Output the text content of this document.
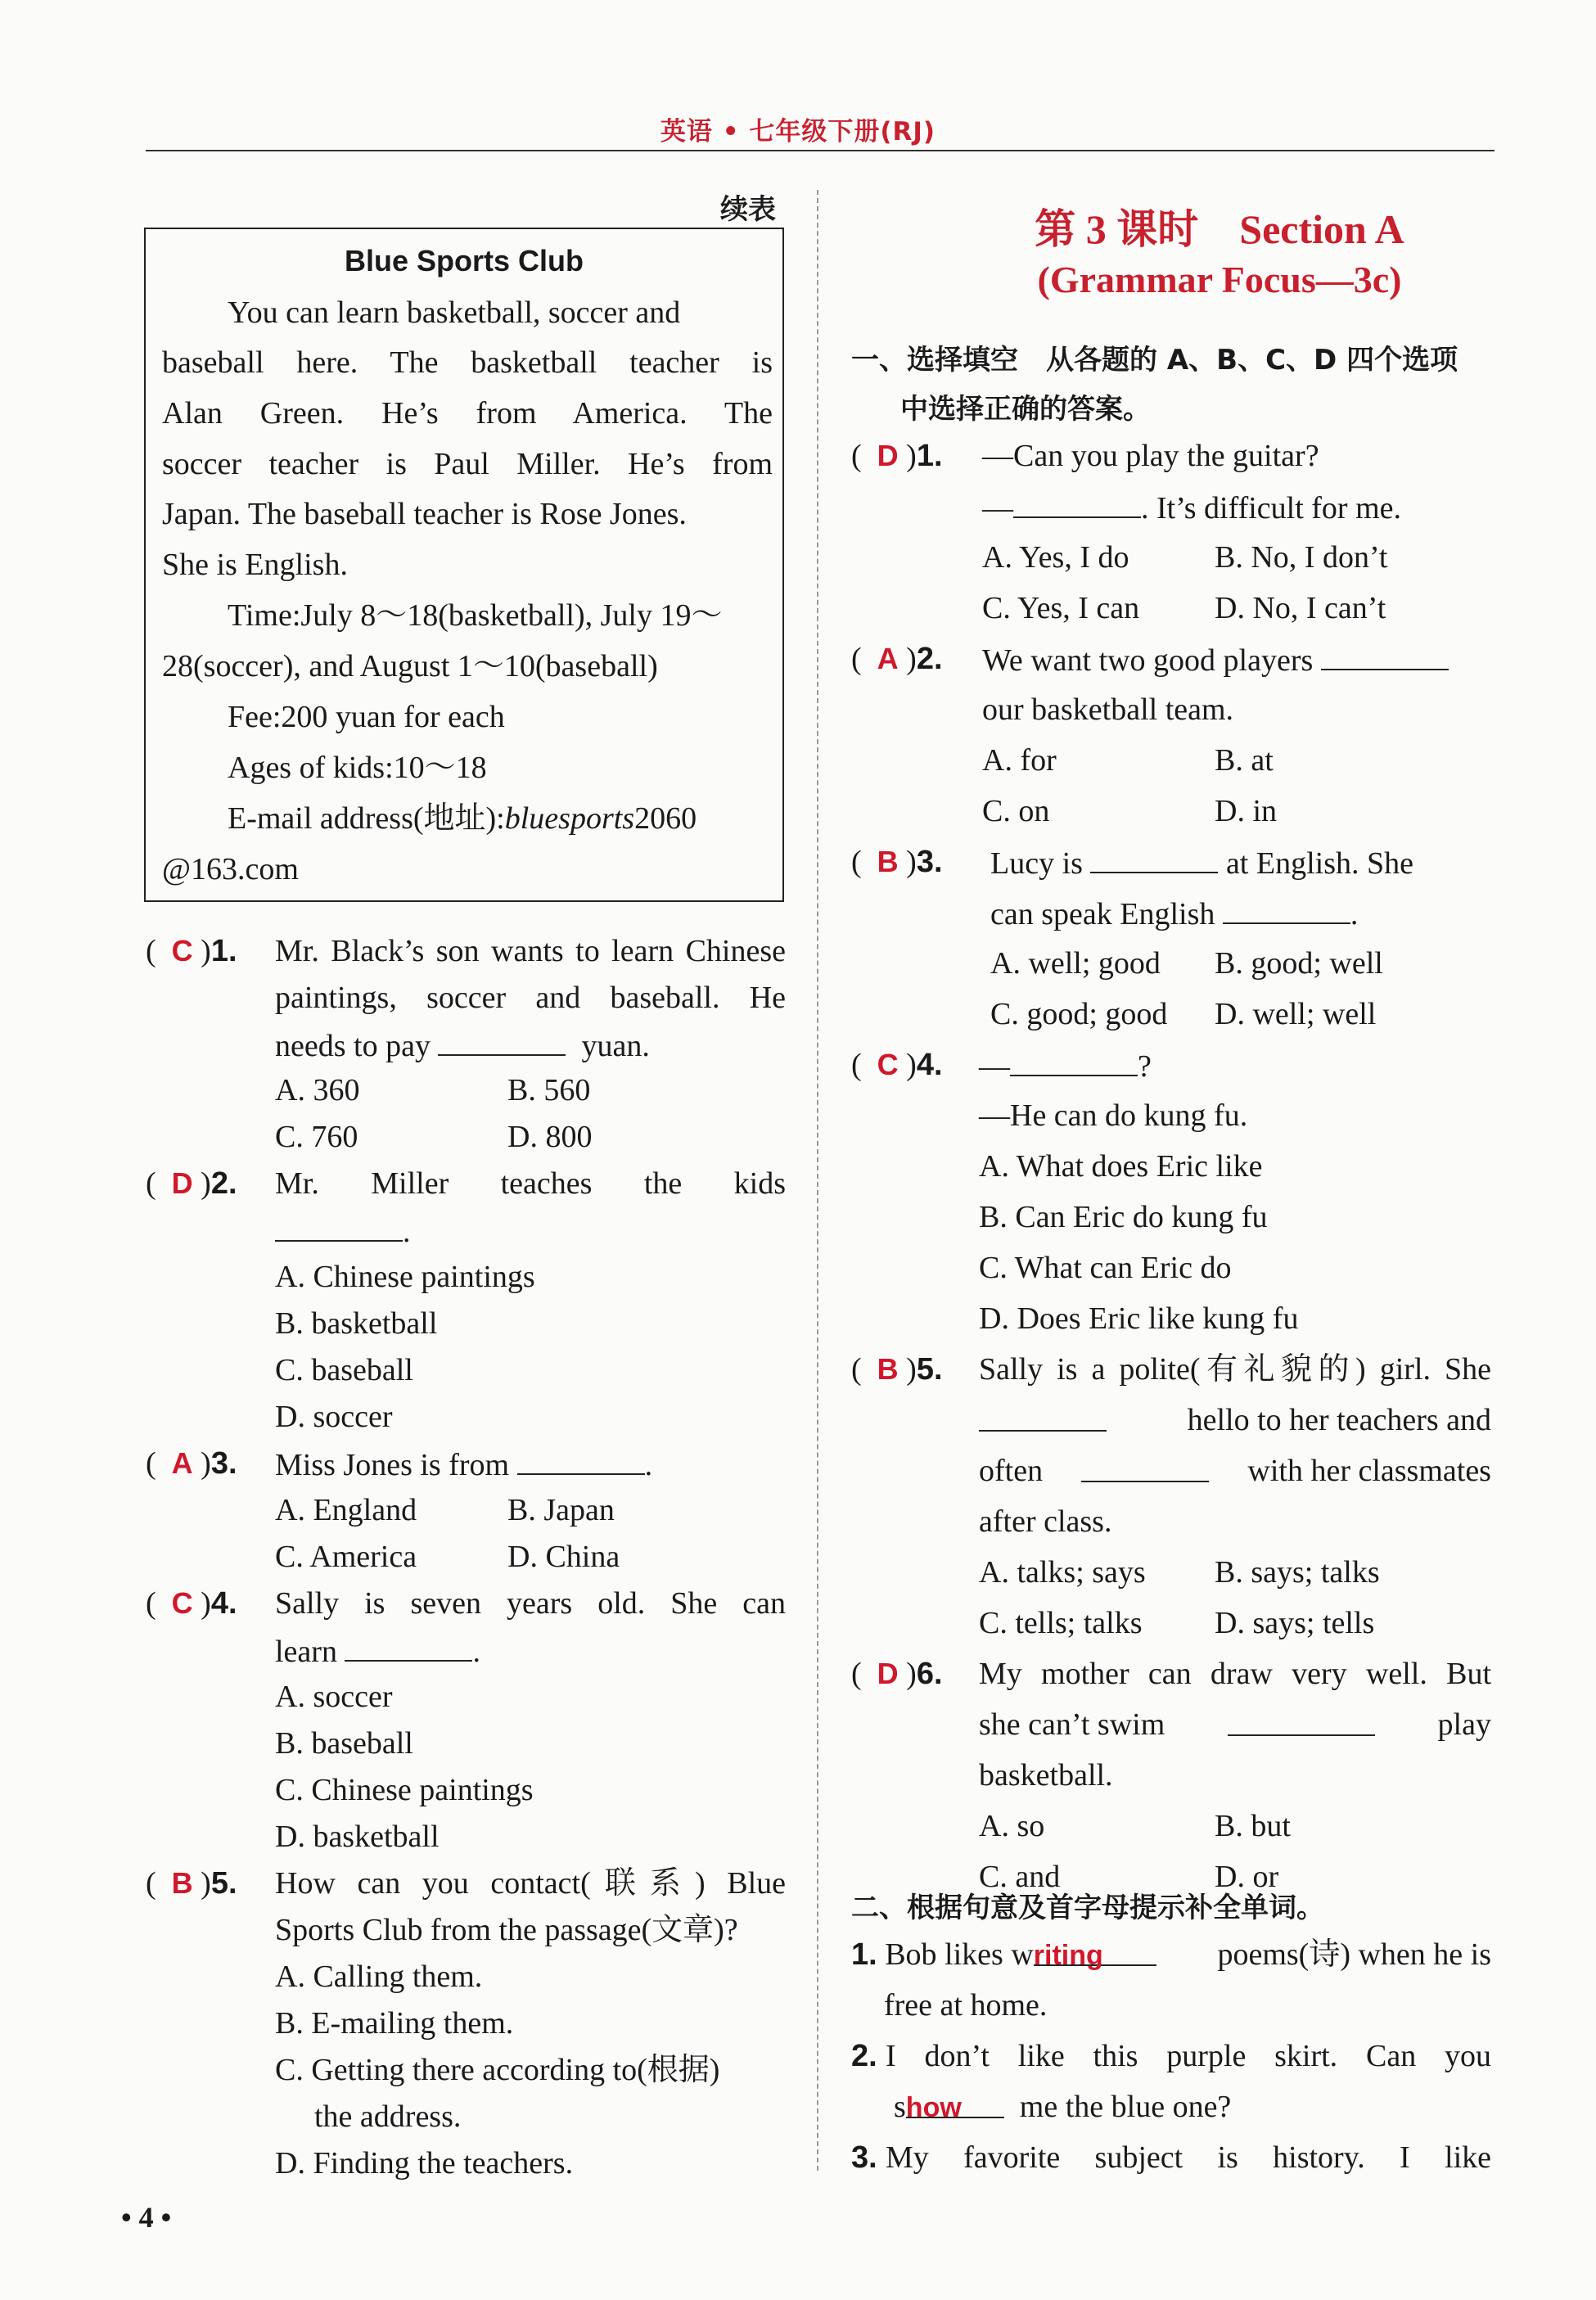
英语 • 七年级下册(RJ)
续表
Blue Sports Club
You can learn basketball, soccer and
baseball here. The basketball teacher is
Alan Green. He’s from America. The
soccer teacher is Paul Miller. He’s from
Japan. The baseball teacher is Rose Jones.
She is English.
Time:July 8～18(basketball), July 19～
28(soccer), and August 1～10(baseball)
Fee:200 yuan for each
Ages of kids:10～18
E-mail address(地址):bluesports2060
@163.com
(  C )1. Mr. Black’s son wants to learn Chinese
paintings, soccer and baseball. He
needs to pay	yuan.
A. 360	B. 560
C. 760	D. 800
(  D )2. Mr. Miller teaches the kids
.
A. Chinese paintings
B. basketball
C. baseball
D. soccer
(  A )3. Miss Jones is from	.
A. England	B. Japan
C. America	D. China
(  C )4. Sally is seven years old. She can
learn	.
A. soccer
B. baseball
C. Chinese paintings
D. basketball
(  B )5. How can you contact(联系) Blue
Sports Club from the passage(文章)?
A. Calling them.
B. E-mailing them.
C. Getting there according to(根据)
the address.
D. Finding the teachers.
第 3 课时　Section A
(Grammar Focus—3c)
一、选择填空　从各题的 A、B、C、D 四个选项
中选择正确的答案。
(  D )1. —Can you play the guitar?
—	. It’s difficult for me.
A. Yes, I do	B. No, I don’t
C. Yes, I can D. No, I can’t
(  A )2. We want two good players
our basketball team.
A. for	B. at
C. on	D. in
(  B )3. Lucy is	at English. She
can speak English	.
A. well; good B. good; well
C. good; good D. well; well
(  C )4. —	?
—He can do kung fu.
A. What does Eric like
B. Can Eric do kung fu
C. What can Eric do
D. Does Eric like kung fu
(  B )5. Sally is a polite(有礼貌的) girl. She
hello to her teachers and
often	with her classmates
after class.
A. talks; says B. says; talks
C. tells; talks D. says; tells
(  D )6. My mother can draw very well. But
she can’t swim	play
basketball.
A. so	B. but
C. and	D. or
二、根据句意及首字母提示补全单词。
1. Bob likes writing	poems(诗) when he is
free at home.
2. I don’t like this purple skirt. Can you
show me the blue one?
3. My favorite subject is history. I like
• 4 •
